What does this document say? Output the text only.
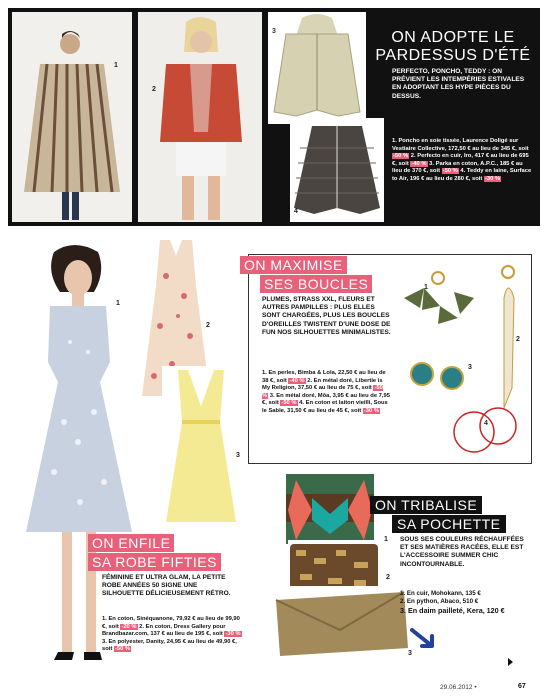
1
2
3
4
ON ADOPTE LE
PARDESSUS D'ÉTÉ
PERFECTO, PONCHO, TEDDY : ON PRÉVIENT LES INTEMPÉRIES ESTIVALES EN ADOPTANT LES HYPE PIÈCES DU DESSUS.
1. Poncho en soie tissée, Laurence Doligé sur Vestiaire Collective, 172,50 € au lieu de 345 €, soit -50 % 2. Perfecto en cuir, Iro, 417 € au lieu de 695 €, soit -40 % 3. Parka en coton, A.P.C., 185 € au lieu de 370 €, soit -50 % 4. Teddy en laine, Surface to Air, 196 € au lieu de 280 €, soit -30 %
1
2
3
ON ENFILE
SA ROBE FIFTIES
FÉMININE ET ULTRA GLAM, LA PETITE ROBE ANNÉES 50 SIGNE UNE SILHOUETTE DÉLICIEUSEMENT RÉTRO.
1. En coton, Sinéquanone, 79,92 € au lieu de 99,90 €, soit -20 % 2. En coton, Dress Gallery pour Brandbazar.com, 137 € au lieu de 195 €, soit -30 % 3. En polyester, Danity, 24,95 € au lieu de 49,90 €, soit -50 %
ON MAXIMISE
SES BOUCLES
PLUMES, STRASS XXL, FLEURS ET AUTRES PAMPILLES : PLUS ELLES SONT CHARGÉES, PLUS LES BOUCLES D'OREILLES TWISTENT D'UNE DOSE DE FUN NOS SILHOUETTES MINIMALISTES.
1. En perles, Bimba & Lola, 22,50 € au lieu de 38 €, soit -40 % 2. En métal doré, Libertie is My Religion, 37,50 € au lieu de 75 €, soit -50 % 3. En métal doré, Mõa, 3,95 € au lieu de 7,95 €, soit -50 % 4. En coton et laiton vieilli, Sous le Sable, 31,50 € au lieu de 45 €, soit -30 %
1
2
3
4
1
2
3
ON TRIBALISE
SA POCHETTE
SOUS SES COULEURS RÉCHAUFFÉES ET SES MATIÈRES RACÉES, ELLE EST L'ACCESSOIRE SUMMER CHIC INCONTOURNABLE.
1. En cuir, Mohokann, 135 €
2. En python, Abaco, 510 €
3. En daim pailleté, Kera, 120 €
29.06.2012 •	67
